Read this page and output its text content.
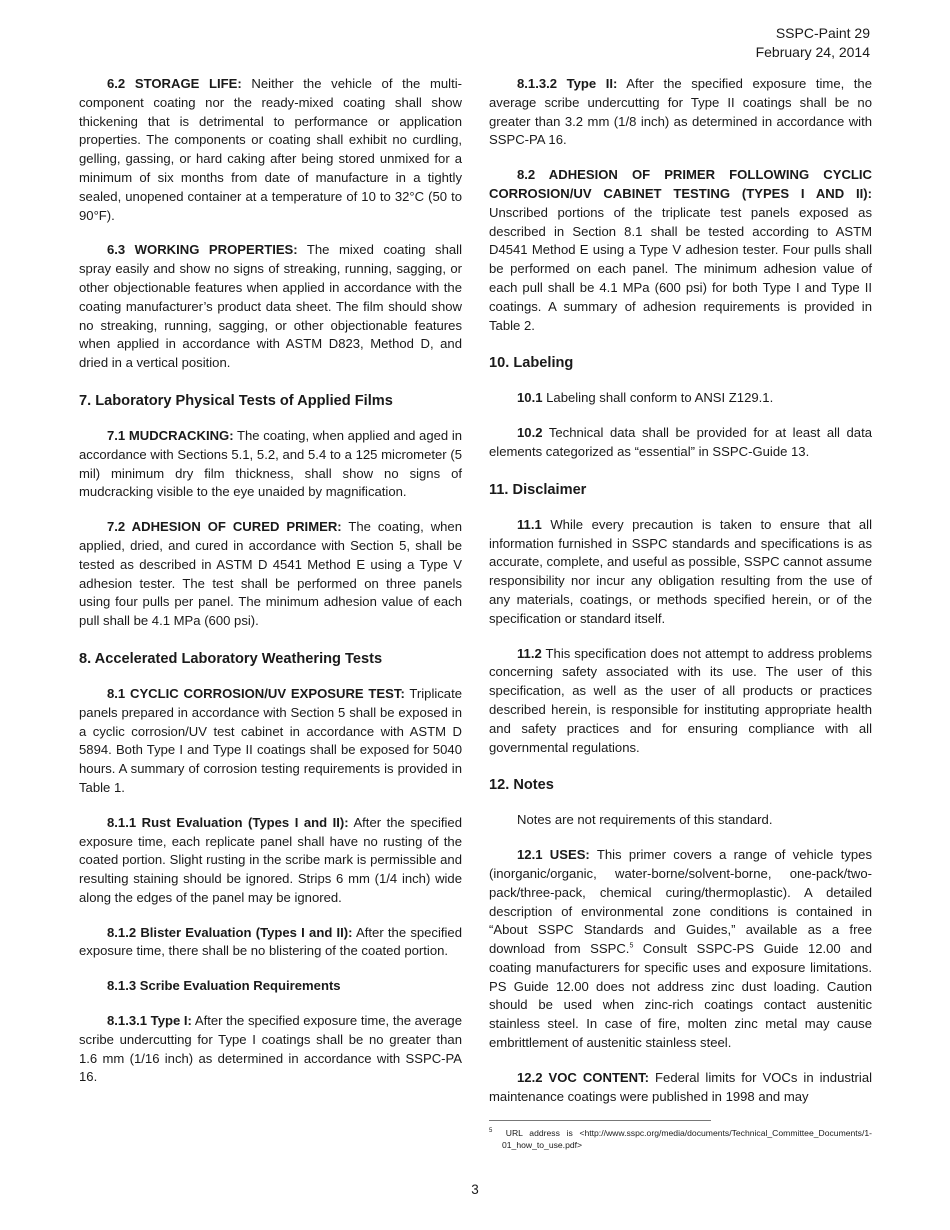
SSPC-Paint 29
February 24, 2014

6.2 STORAGE LIFE: Neither the vehicle of the multi-component coating nor the ready-mixed coating shall show thickening that is detrimental to performance or application properties. The components or coating shall exhibit no curdling, gelling, gassing, or hard caking after being stored unmixed for a minimum of six months from date of manufacture in a tightly sealed, unopened container at a temperature of 10 to 32°C (50 to 90°F).

6.3 WORKING PROPERTIES: The mixed coating shall spray easily and show no signs of streaking, running, sagging, or other objectionable features when applied in accordance with the coating manufacturer’s product data sheet. The film should show no streaking, running, sagging, or other objectionable features when applied in accordance with ASTM D823, Method D, and dried in a vertical position.

7. Laboratory Physical Tests of Applied Films

7.1 MUDCRACKING: The coating, when applied and aged in accordance with Sections 5.1, 5.2, and 5.4 to a 125 micrometer (5 mil) minimum dry film thickness, shall show no signs of mudcracking visible to the eye unaided by magnification.

7.2 ADHESION OF CURED PRIMER: The coating, when applied, dried, and cured in accordance with Section 5, shall be tested as described in ASTM D 4541 Method E using a Type V adhesion tester. The test shall be performed on three panels using four pulls per panel. The minimum adhesion value of each pull shall be 4.1 MPa (600 psi).

8. Accelerated Laboratory Weathering Tests

8.1 CYCLIC CORROSION/UV EXPOSURE TEST: Triplicate panels prepared in accordance with Section 5 shall be exposed in a cyclic corrosion/UV test cabinet in accordance with ASTM D 5894. Both Type I and Type II coatings shall be exposed for 5040 hours. A summary of corrosion testing requirements is provided in Table 1.

8.1.1 Rust Evaluation (Types I and II): After the specified exposure time, each replicate panel shall have no rusting of the coated portion. Slight rusting in the scribe mark is permissible and resulting staining should be ignored. Strips 6 mm (1/4 inch) wide along the edges of the panel may be ignored.

8.1.2 Blister Evaluation (Types I and II): After the specified exposure time, there shall be no blistering of the coated portion.

8.1.3 Scribe Evaluation Requirements

8.1.3.1 Type I: After the specified exposure time, the average scribe undercutting for Type I coatings shall be no greater than 1.6 mm (1/16 inch) as determined in accordance with SSPC-PA 16.

8.1.3.2 Type II: After the specified exposure time, the average scribe undercutting for Type II coatings shall be no greater than 3.2 mm (1/8 inch) as determined in accordance with SSPC-PA 16.

8.2 ADHESION OF PRIMER FOLLOWING CYCLIC CORROSION/UV CABINET TESTING (TYPES I AND II): Unscribed portions of the triplicate test panels exposed as described in Section 8.1 shall be tested according to ASTM D4541 Method E using a Type V adhesion tester. Four pulls shall be performed on each panel. The minimum adhesion value of each pull shall be 4.1 MPa (600 psi) for both Type I and Type II coatings. A summary of adhesion requirements is provided in Table 2.

10. Labeling

10.1 Labeling shall conform to ANSI Z129.1.

10.2 Technical data shall be provided for at least all data elements categorized as “essential” in SSPC-Guide 13.

11. Disclaimer

11.1 While every precaution is taken to ensure that all information furnished in SSPC standards and specifications is as accurate, complete, and useful as possible, SSPC cannot assume responsibility nor incur any obligation resulting from the use of any materials, coatings, or methods specified herein, or of the specification or standard itself.

11.2 This specification does not attempt to address problems concerning safety associated with its use. The user of this specification, as well as the user of all products or practices described herein, is responsible for instituting appropriate health and safety practices and for ensuring compliance with all governmental regulations.

12. Notes

Notes are not requirements of this standard.

12.1 USES: This primer covers a range of vehicle types (inorganic/organic, water-borne/solvent-borne, one-pack/two-pack/three-pack, chemical curing/thermoplastic). A detailed description of environmental zone conditions is contained in “About SSPC Standards and Guides,” available as a free download from SSPC.$^5$ Consult SSPC-PS Guide 12.00 and coating manufacturers for specific uses and exposure limitations. PS Guide 12.00 does not address zinc dust loading. Caution should be used when zinc-rich coatings contact austenitic stainless steel. In case of fire, molten zinc metal may cause embrittlement of austenitic stainless steel.

12.2 VOC CONTENT: Federal limits for VOCs in industrial maintenance coatings were published in 1998 and may

$^5$ URL address is <http://www.sspc.org/media/documents/Technical_Committee_Documents/1-01_how_to_use.pdf>
3
